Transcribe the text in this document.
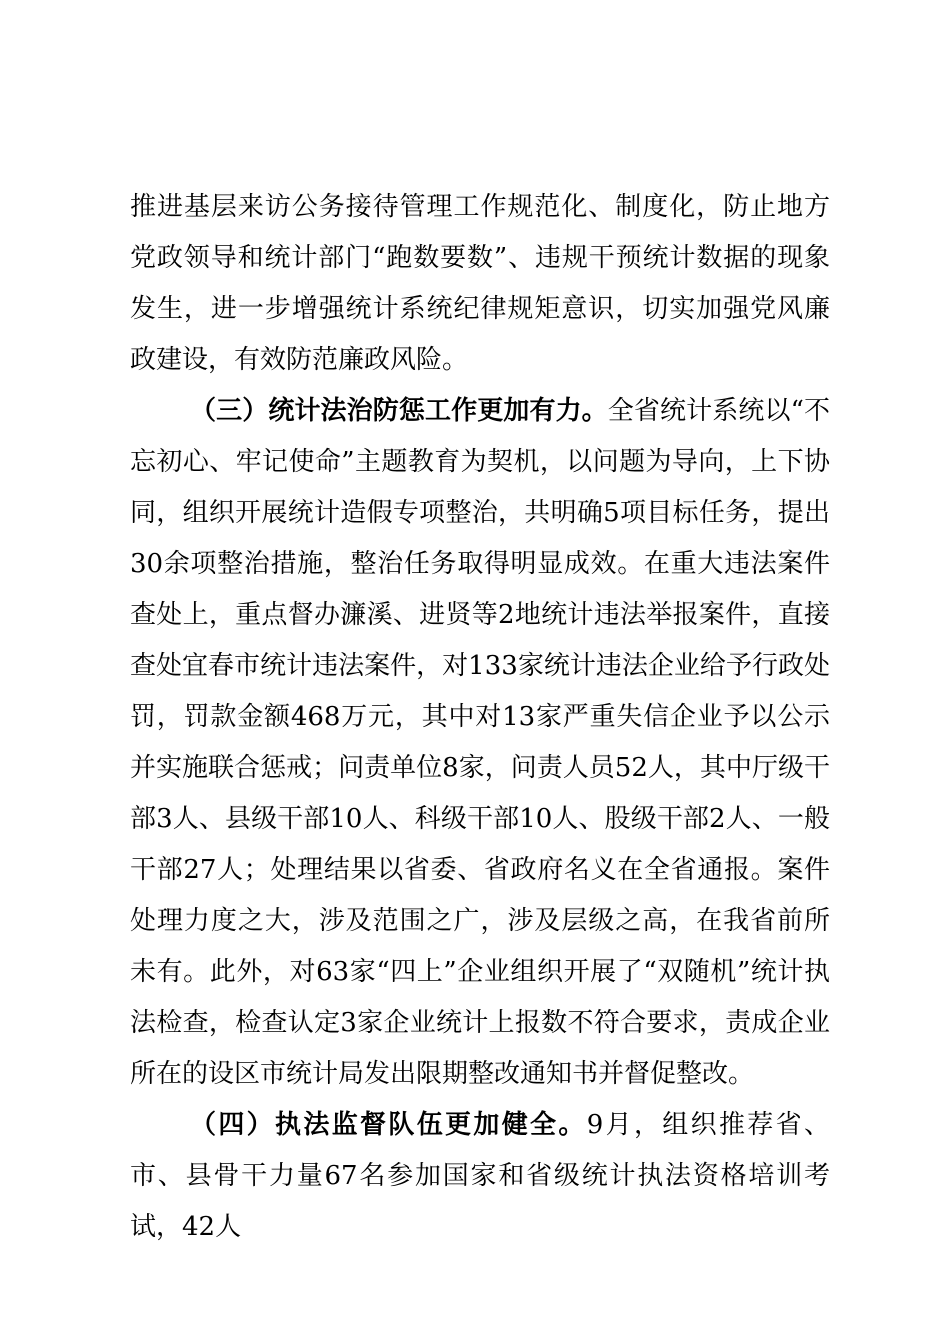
推进基层来访公务接待管理工作规范化、制度化，防止地方党政领导和统计部门“跑数要数”、违规干预统计数据的现象发生，进一步增强统计系统纪律规矩意识，切实加强党风廉政建设，有效防范廉政风险。

（三）统计法治防惩工作更加有力。全省统计系统以“不忘初心、牢记使命”主题教育为契机，以问题为导向，上下协同，组织开展统计造假专项整治，共明确5项目标任务，提出30余项整治措施，整治任务取得明显成效。在重大违法案件查处上，重点督办濂溪、进贤等2地统计违法举报案件，直接查处宜春市统计违法案件，对133家统计违法企业给予行政处罚，罚款金额468万元，其中对13家严重失信企业予以公示并实施联合惩戒；问责单位8家，问责人员52人，其中厅级干部3人、县级干部10人、科级干部10人、股级干部2人、一般干部27人；处理结果以省委、省政府名义在全省通报。案件处理力度之大，涉及范围之广，涉及层级之高，在我省前所未有。此外，对63家“四上”企业组织开展了“双随机”统计执法检查，检查认定3家企业统计上报数不符合要求，责成企业所在的设区市统计局发出限期整改通知书并督促整改。

（四）执法监督队伍更加健全。9月，组织推荐省、市、县骨干力量67名参加国家和省级统计执法资格培训考试，42人
